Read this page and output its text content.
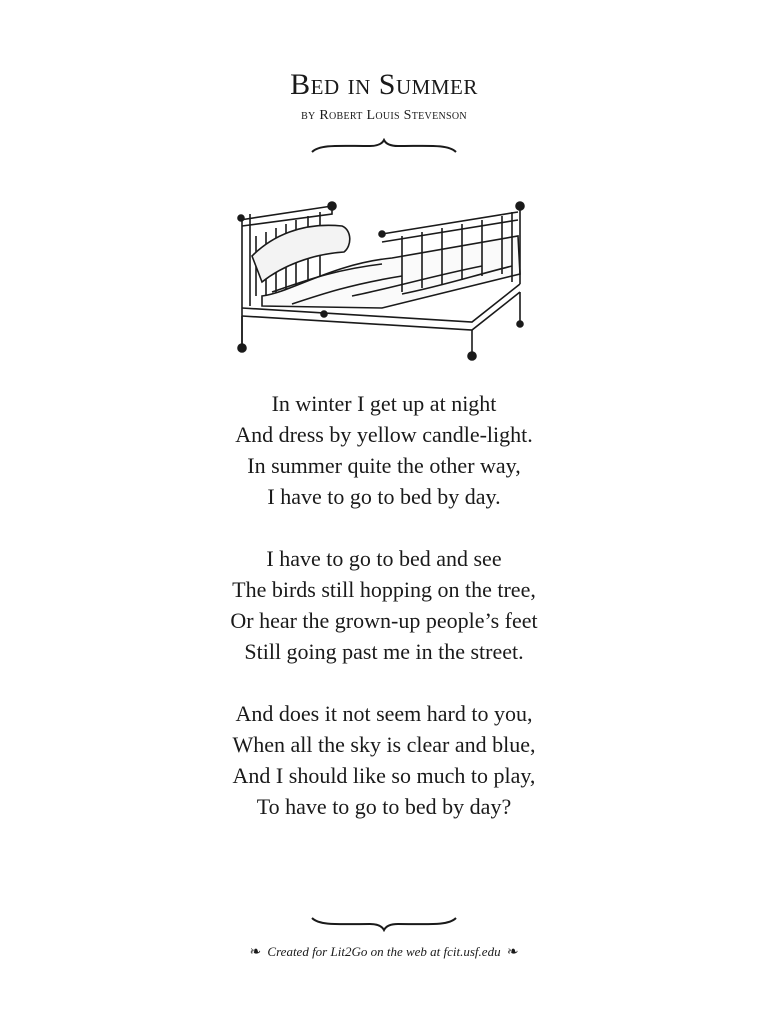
Bed in Summer
by Robert Louis Stevenson
In winter I get up at night
And dress by yellow candle-light.
In summer quite the other way,
I have to go to bed by day.
I have to go to bed and see
The birds still hopping on the tree,
Or hear the grown-up people’s feet
Still going past me in the street.
And does it not seem hard to you,
When all the sky is clear and blue,
And I should like so much to play,
To have to go to bed by day?
❧ Created for Lit2Go on the web at fcit.usf.edu ❧
